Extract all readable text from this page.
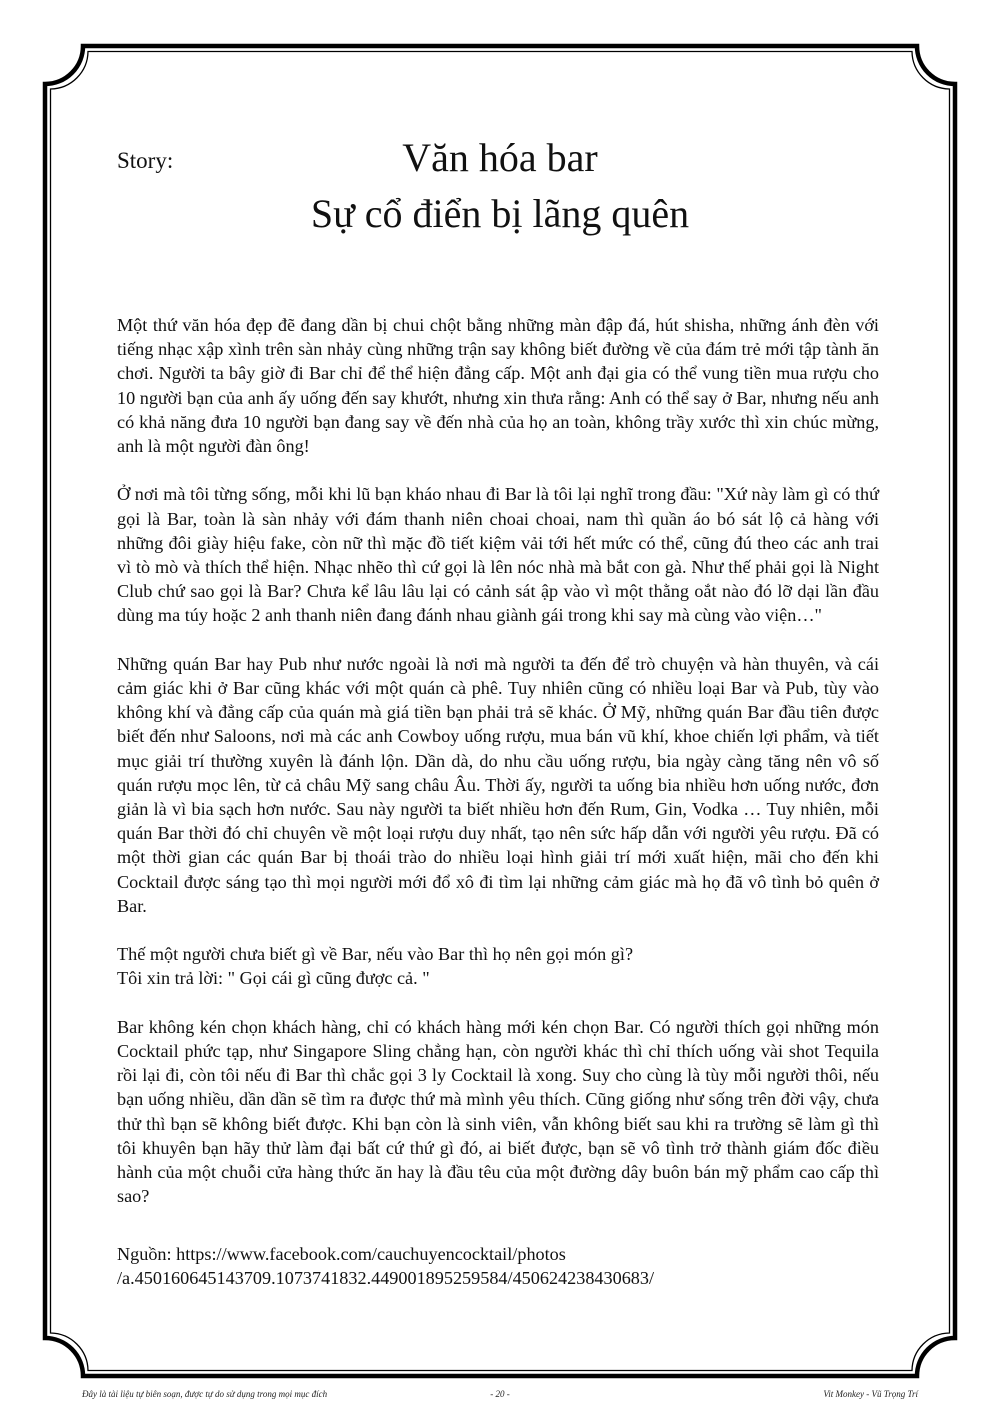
Story:	Văn hóa bar
Sự cổ điển bị lãng quên

Một thứ văn hóa đẹp đẽ đang dần bị chui chột bằng những màn đập đá, hút shisha, những ánh đèn với tiếng nhạc xập xình trên sàn nhảy cùng những trận say không biết đường về của đám trẻ mới tập tành ăn chơi. Người ta bây giờ đi Bar chỉ để thể hiện đẳng cấp. Một anh đại gia có thể vung tiền mua rượu cho 10 người bạn của anh ấy uống đến say khướt, nhưng xin thưa rằng: Anh có thể say ở Bar, nhưng nếu anh có khả năng đưa 10 người bạn đang say về đến nhà của họ an toàn, không trầy xước thì xin chúc mừng, anh là một người đàn ông!

Ở nơi mà tôi từng sống, mỗi khi lũ bạn kháo nhau đi Bar là tôi lại nghĩ trong đầu: "Xứ này làm gì có thứ gọi là Bar, toàn là sàn nhảy với đám thanh niên choai choai, nam thì quần áo bó sát lộ cả hàng với những đôi giày hiệu fake, còn nữ thì mặc đồ tiết kiệm vải tới hết mức có thể, cũng đú theo các anh trai vì tò mò và thích thể hiện. Nhạc nhẽo thì cứ gọi là lên nóc nhà mà bắt con gà. Như thế phải gọi là Night Club chứ sao gọi là Bar? Chưa kể lâu lâu lại có cảnh sát ập vào vì một thằng oắt nào đó lỡ dại lần đầu dùng ma túy hoặc 2 anh thanh niên đang đánh nhau giành gái trong khi say mà cùng vào viện…"

Những quán Bar hay Pub như nước ngoài là nơi mà người ta đến để trò chuyện và hàn thuyên, và cái cảm giác khi ở Bar cũng khác với một quán cà phê. Tuy nhiên cũng có nhiều loại Bar và Pub, tùy vào không khí và đẳng cấp của quán mà giá tiền bạn phải trả sẽ khác. Ở Mỹ, những quán Bar đầu tiên được biết đến như Saloons, nơi mà các anh Cowboy uống rượu, mua bán vũ khí, khoe chiến lợi phẩm, và tiết mục giải trí thường xuyên là đánh lộn. Dần dà, do nhu cầu uống rượu, bia ngày càng tăng nên vô số quán rượu mọc lên, từ cả châu Mỹ sang châu Âu. Thời ấy, người ta uống bia nhiều hơn uống nước, đơn giản là vì bia sạch hơn nước. Sau này người ta biết nhiều hơn đến Rum, Gin, Vodka … Tuy nhiên, mỗi quán Bar thời đó chỉ chuyên về một loại rượu duy nhất, tạo nên sức hấp dẫn với người yêu rượu. Đã có một thời gian các quán Bar bị thoái trào do nhiều loại hình giải trí mới xuất hiện, mãi cho đến khi Cocktail được sáng tạo thì mọi người mới đổ xô đi tìm lại những cảm giác mà họ đã vô tình bỏ quên ở Bar.

Thế một người chưa biết gì về Bar, nếu vào Bar thì họ nên gọi món gì?

Tôi xin trả lời: " Gọi cái gì cũng được cả. "

Bar không kén chọn khách hàng, chỉ có khách hàng mới kén chọn Bar. Có người thích gọi những món Cocktail phức tạp, như Singapore Sling chẳng hạn, còn người khác thì chỉ thích uống vài shot Tequila rồi lại đi, còn tôi nếu đi Bar thì chắc gọi 3 ly Cocktail là xong. Suy cho cùng là tùy mỗi người thôi, nếu bạn uống nhiều, dần dần sẽ tìm ra được thứ mà mình yêu thích. Cũng giống như sống trên đời vậy, chưa thử thì bạn sẽ không biết được. Khi bạn còn là sinh viên, vẫn không biết sau khi ra trường sẽ làm gì thì tôi khuyên bạn hãy thử làm đại bất cứ thứ gì đó, ai biết được, bạn sẽ vô tình trở thành giám đốc điều hành của một chuỗi cửa hàng thức ăn hay là đầu têu của một đường dây buôn bán mỹ phẩm cao cấp thì sao?

Nguồn: https://www.facebook.com/cauchuyencocktail/photos
/a.450160645143709.1073741832.449001895259584/450624238430683/
Đây là tài liệu tự biên soạn, được tự do sử dụng trong mọi mục đích	- 20 -	Vit Monkey - Vũ Trọng Trí
